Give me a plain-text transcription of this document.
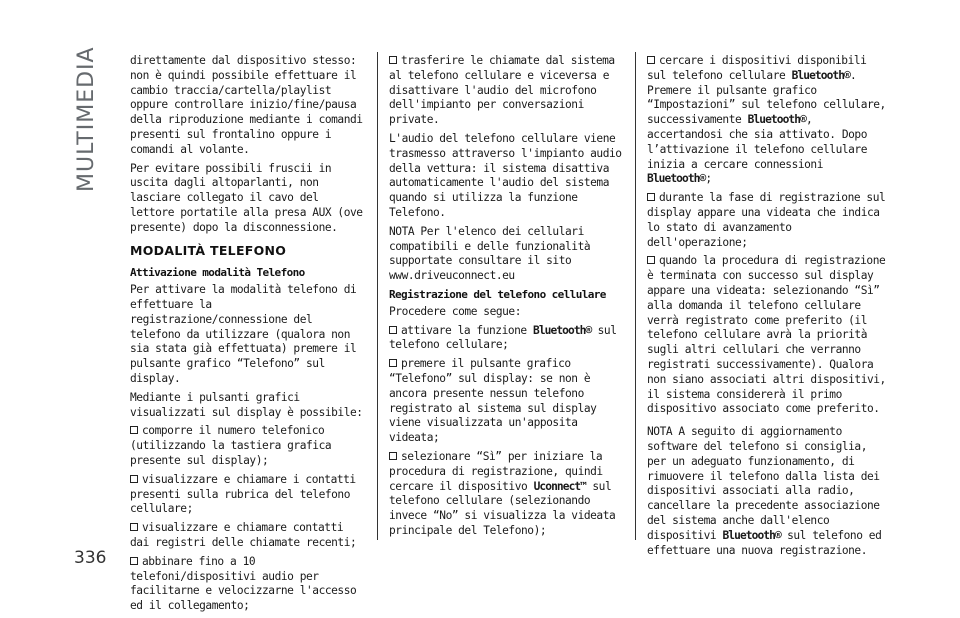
MULTIMEDIA
336

direttamente dal dispositivo stesso: non è quindi possibile effettuare il cambio traccia/cartella/playlist oppure controllare inizio/fine/pausa della riproduzione mediante i comandi presenti sul frontalino oppure i comandi al volante.

Per evitare possibili fruscii in uscita dagli altoparlanti, non lasciare collegato il cavo del lettore portatile alla presa AUX (ove presente) dopo la disconnessione.

MODALITÀ TELEFONO
Attivazione modalità Telefono

Per attivare la modalità telefono di effettuare la registrazione/connessione del telefono da utilizzare (qualora non sia stata già effettuata) premere il pulsante grafico “Telefono” sul display.

Mediante i pulsanti grafici visualizzati sul display è possibile:

comporre il numero telefonico (utilizzando la tastiera grafica presente sul display);

visualizzare e chiamare i contatti presenti sulla rubrica del telefono cellulare;

visualizzare e chiamare contatti dai registri delle chiamate recenti;

abbinare fino a 10 telefoni/dispositivi audio per facilitarne e velocizzarne l'accesso ed il collegamento;

trasferire le chiamate dal sistema al telefono cellulare e viceversa e disattivare l'audio del microfono dell'impianto per conversazioni private.

L'audio del telefono cellulare viene trasmesso attraverso l'impianto audio della vettura: il sistema disattiva automaticamente l'audio del sistema quando si utilizza la funzione Telefono.

NOTA Per l'elenco dei cellulari compatibili e delle funzionalità supportate consultare il sito www.driveuconnect.eu

Registrazione del telefono cellulare

Procedere come segue:

attivare la funzione Bluetooth® sul telefono cellulare;

premere il pulsante grafico “Telefono” sul display: se non è ancora presente nessun telefono registrato al sistema sul display viene visualizzata un'apposita videata;

selezionare “Sì” per iniziare la procedura di registrazione, quindi cercare il dispositivo Uconnect™ sul telefono cellulare (selezionando invece “No” si visualizza la videata principale del Telefono);

cercare i dispositivi disponibili sul telefono cellulare Bluetooth®. Premere il pulsante grafico “Impostazioni” sul telefono cellulare, successivamente Bluetooth®, accertandosi che sia attivato. Dopo l’attivazione il telefono cellulare inizia a cercare connessioni Bluetooth®;

durante la fase di registrazione sul display appare una videata che indica lo stato di avanzamento dell'operazione;

quando la procedura di registrazione è terminata con successo sul display appare una videata: selezionando “Sì” alla domanda il telefono cellulare verrà registrato come preferito (il telefono cellulare avrà la priorità sugli altri cellulari che verranno registrati successivamente). Qualora non siano associati altri dispositivi, il sistema considererà il primo dispositivo associato come preferito.

NOTA A seguito di aggiornamento software del telefono si consiglia, per un adeguato funzionamento, di rimuovere il telefono dalla lista dei dispositivi associati alla radio, cancellare la precedente associazione del sistema anche dall'elenco dispositivi Bluetooth® sul telefono ed effettuare una nuova registrazione.
